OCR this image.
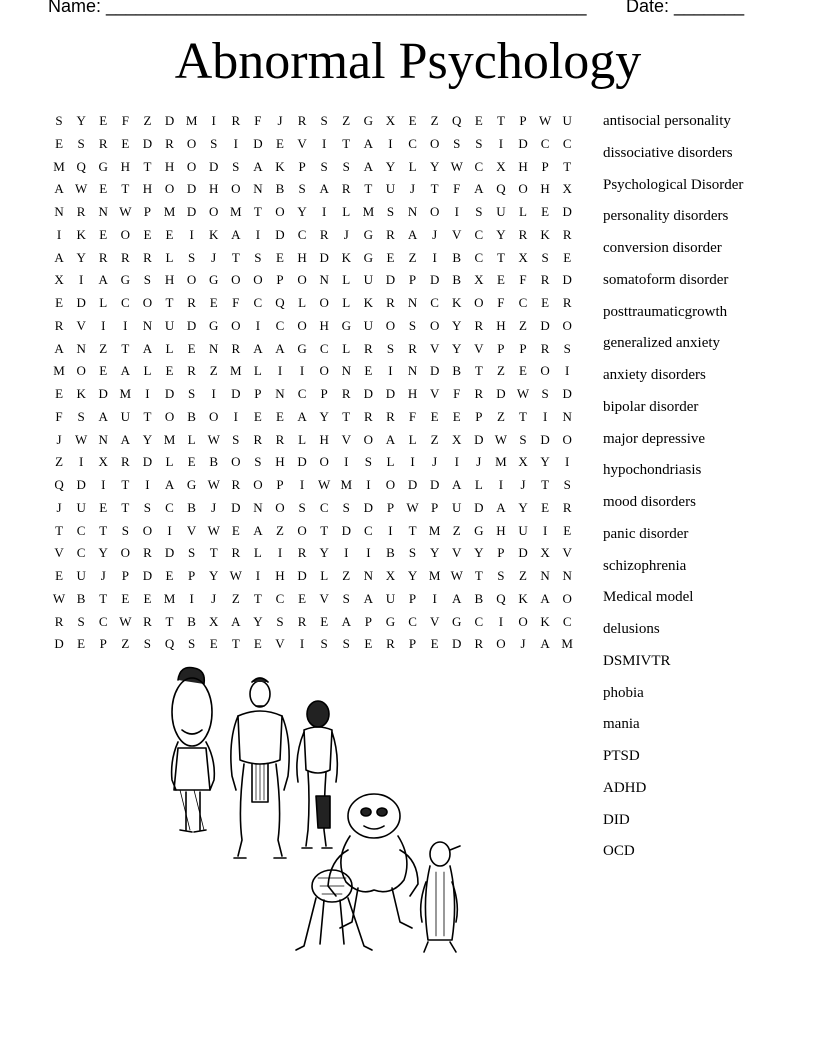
Name: ________________________________________________ Date: _______
Abnormal Psychology
S	Y	E	F	Z	D M	I	R	F	J	R	S	Z	G X	E	Z	Q	E	T	P W U
E	S	R	E	D	R	O	S	I	D	E	V	I	T	A	I	C	O	S	S	I	D	C	C
M Q G H	T	H O D	S	A K	P	S	S	A Y	L	Y W C	X H	P	T
A W E	T	H O D H O N	B	S	A	R	T	U	J	T	F	A Q O H X
N	R	N W P M D O M T	O Y	I	L M S	N O	I	S	U	L	E	D
I	K	E	O	E	E	I	K A	I	D	C	R	J	G	R	A	J	V	C	Y	R	K	R
A Y	R	R	R	L	S	J	T	S	E	H D K G	E	Z	I	B	C	T	X	S	E
X	I	A G	S	H O G O O	P	O N	L	U D	P	D	B	X	E	F	R	D
E	D	L	C	O	T	R	E	F	C	Q	L	O	L	K	R	N	C	K O	F	C	E	R
R	V	I	I	N U D G O	I	C	O H G U O	S	O Y	R	H	Z	D O
A N	Z	T	A	L	E	N	R	A A G	C	L	R	S	R	V Y V	P	P	R	S
M O	E	A	L	E	R	Z M L	I	I	O N	E	I	N D	B	T	Z	E	O	I
E	K D M	I	D	S	I	D	P	N	C	P	R	D D H V	F	R	D W S	D
F	S	A U	T	O	B	O	I	E	E	A Y	T	R	R	F	E	E	P	Z	T	I	N
J	W N A Y M L W S	R	R	L	H V O A	L	Z	X D W S	D O
Z	I	X	R	D	L	E	B	O	S	H D O	I	S	L	I	J	I	J	M X Y	I
Q D	I	T	I	A G W R	O	P	I	W M	I	O D D A	L	I	J	T	S
J	U	E	T	S	C	B	J	D N O	S	C	S	D	P W P	U D A Y	E	R
T	C	T	S	O	I	V W E	A	Z	O	T	D	C	I	T M Z	G H U	I	E
V	C	Y O	R	D	S	T	R	L	I	R	Y	I	I	B	S	Y V Y	P	D X V
E	U	J	P	D	E	P	Y W	I	H D	L	Z	N X Y M W T	S	Z	N N
W B	T	E	E M	I	J	Z	T	C	E	V	S	A U	P	I	A	B	Q K A O
R	S	C W R	T	B	X A Y	S	R	E	A	P	G	C	V G	C	I	O K	C
D	E	P	Z	S	Q	S	E	T	E	V	I	S	S	E	R	P	E	D	R	O	J	A M
antisocial personality
dissociative disorders
Psychological Disorder
personality disorders
conversion disorder
somatoform disorder
posttraumaticgrowth
generalized anxiety
anxiety disorders
bipolar disorder
major depressive
hypochondriasis
mood disorders
panic disorder
schizophrenia
Medical model
delusions
DSMIVTR
phobia
mania
PTSD
ADHD
DID
OCD
